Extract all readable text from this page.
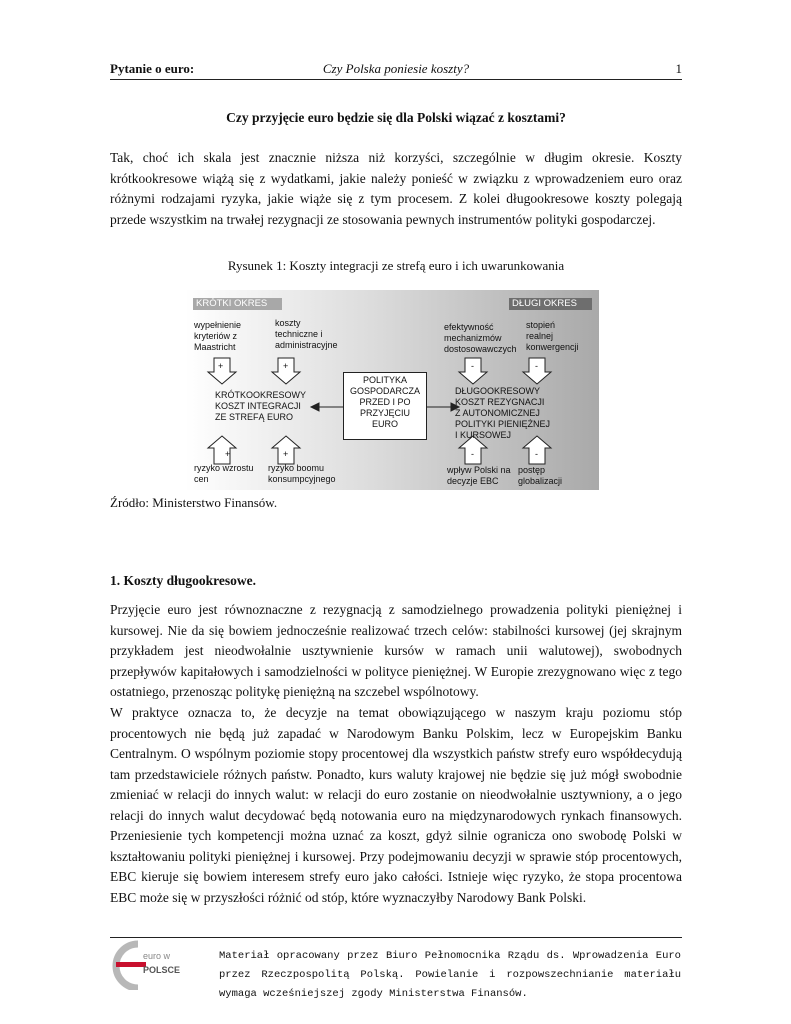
Czy Polska poniesie koszty?
Pytanie o euro:	1
Czy przyjęcie euro będzie się dla Polski wiązać z kosztami?

Tak, choć ich skala jest znacznie niższa niż korzyści, szczególnie w długim okresie. Koszty krótkookresowe wiążą się z wydatkami, jakie należy ponieść w związku z wprowadzeniem euro oraz różnymi rodzajami ryzyka, jakie wiąże się z tym procesem. Z kolei długookresowe koszty polegają przede wszystkim na trwałej rezygnacji ze stosowania pewnych instrumentów polityki gospodarczej.

Rysunek 1: Koszty integracji ze strefą euro i ich uwarunkowania
KRÓTKI OKRES	DŁUGI OKRES
wypełnienie
kryteriów z
Maastricht
koszty
techniczne i
administracyjne
+	+
KRÓTKOOKRESOWY
KOSZT INTEGRACJI
ZE STREFĄ EURO
+	+
ryzyko wzrostu
cen
ryzyko boomu
konsumpcyjnego
POLITYKA
GOSPODARCZA
PRZED I PO
PRZYJĘCIU
EURO
efektywność
mechanizmów
dostosowawczych
stopień
realnej
konwergencji
-	-
DŁUGOOKRESOWY
KOSZT REZYGNACJI
Z AUTONOMICZNEJ
POLITYKI PIENIĘŻNEJ
I KURSOWEJ
-	-
wpływ Polski na
decyzje EBC
postęp
globalizacji
Źródło: Ministerstwo Finansów.
1. Koszty długookresowe.

Przyjęcie euro jest równoznaczne z rezygnacją z samodzielnego prowadzenia polityki pieniężnej i kursowej. Nie da się bowiem jednocześnie realizować trzech celów: stabilności kursowej (jej skrajnym przykładem jest nieodwołalnie usztywnienie kursów w ramach unii walutowej), swobodnych przepływów kapitałowych i samodzielności w polityce pieniężnej. W Europie zrezygnowano więc z tego ostatniego, przenosząc politykę pieniężną na szczebel wspólnotowy.

W praktyce oznacza to, że decyzje na temat obowiązującego w naszym kraju poziomu stóp procentowych nie będą już zapadać w Narodowym Banku Polskim, lecz w Europejskim Banku Centralnym. O wspólnym poziomie stopy procentowej dla wszystkich państw strefy euro współdecydują tam przedstawiciele różnych państw. Ponadto, kurs waluty krajowej nie będzie się już mógł swobodnie zmieniać w relacji do innych walut: w relacji do euro zostanie on nieodwołalnie usztywniony, a o jego relacji do innych walut decydować będą notowania euro na międzynarodowych rynkach finansowych. Przeniesienie tych kompetencji można uznać za koszt, gdyż silnie ogranicza ono swobodę Polski w kształtowaniu polityki pieniężnej i kursowej. Przy podejmowaniu decyzji w sprawie stóp procentowych, EBC kieruje się bowiem interesem strefy euro jako całości. Istnieje więc ryzyko, że stopa procentowa EBC może się w przyszłości różnić od stóp, które wyznaczyłby Narodowy Bank Polski.

euro w
POLSCE
Materiał opracowany przez Biuro Pełnomocnika Rządu ds. Wprowadzenia Euro przez Rzeczpospolitą Polską. Powielanie i rozpowszechnianie materiału wymaga wcześniejszej zgody Ministerstwa Finansów.
